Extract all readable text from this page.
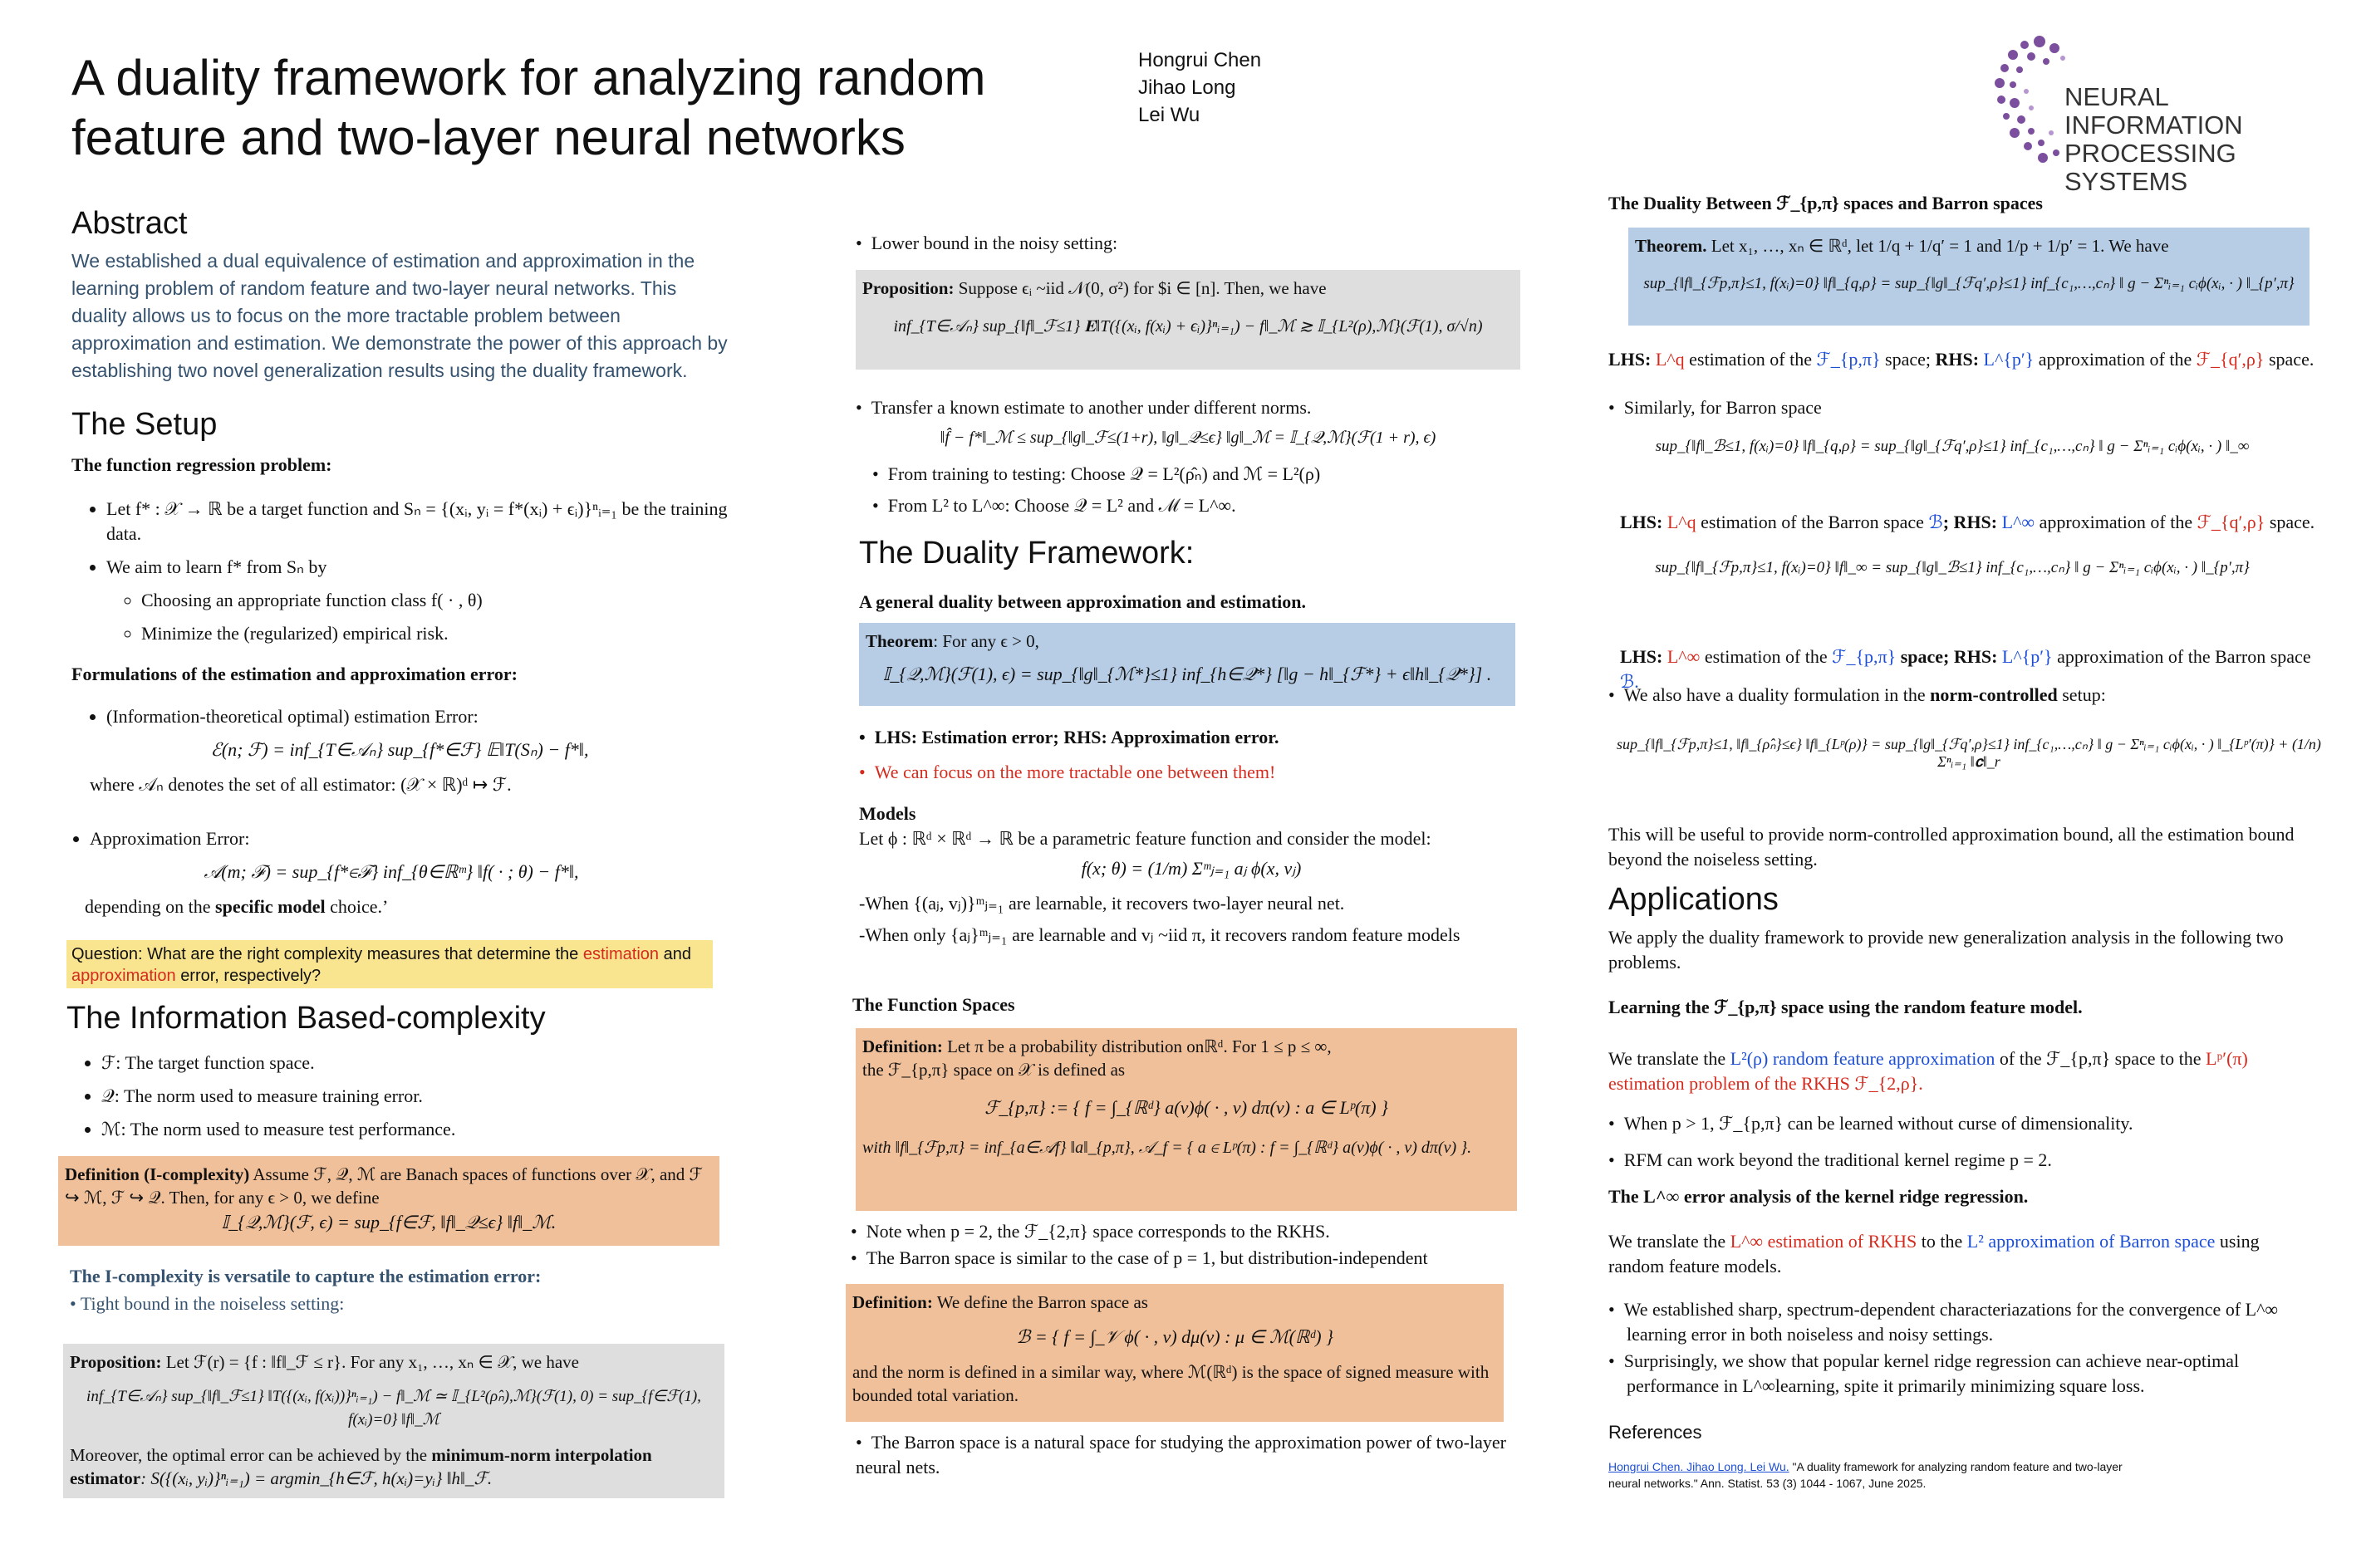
A duality framework for analyzing random feature and two-layer neural networks
Hongrui Chen
Jihao Long
Lei Wu
NEURAL INFORMATION
PROCESSING SYSTEMS
Abstract
We established a dual equivalence of estimation and approximation in the learning problem of random feature and two-layer neural networks. This duality allows us to focus on the more tractable problem between approximation and estimation. We demonstrate the power of this approach by establishing two novel generalization results using the duality framework.
The Setup
The function regression problem:
• Let f* : 𝒳 → ℝ be a target function and Sₙ = {(xᵢ, yᵢ = f*(xᵢ) + ϵᵢ)}ⁿᵢ₌₁ be the training data.
• We aim to learn f* from Sₙ by
◦ Choosing an appropriate function class f( · , θ)
◦ Minimize the (regularized) empirical risk.
Formulations of the estimation and approximation error:
• (Information-theoretical optimal) estimation Error:
ℰ(n; ℱ) = inf_{T∈𝒜ₙ} sup_{f*∈ℱ} 𝔼‖T(Sₙ) − f*‖,
where 𝒜ₙ denotes the set of all estimator: (𝒳 × ℝ)ᵈ ↦ ℱ.
• Approximation Error:
𝒜(m; ℱ) = sup_{f*∈ℱ} inf_{θ∈ℝᵐ} ‖f( · ; θ) − f*‖,
depending on the specific model choice.’
Question: What are the right complexity measures that determine the estimation and approximation error, respectively?
The Information Based-complexity
• ℱ: The target function space.
• 𝒬: The norm used to measure training error.
• ℳ: The norm used to measure test performance.
Definition (I-complexity) Assume ℱ, 𝒬, ℳ are Banach spaces of functions over 𝒳, and ℱ ↪ ℳ, ℱ ↪ 𝒬. Then, for any ϵ > 0, we define
𝕀_{𝒬,ℳ}(ℱ, ϵ) = sup_{f∈ℱ, ‖f‖_𝒬≤ϵ} ‖f‖_ℳ.
The I-complexity is versatile to capture the estimation error:
• Tight bound in the noiseless setting:
Proposition: Let ℱ(r) = {f : ‖f‖_ℱ ≤ r}. For any x₁, …, xₙ ∈ 𝒳, we have
inf_{T∈𝒜ₙ} sup_{‖f‖_ℱ≤1} ‖T({(xᵢ, f(xᵢ))}ⁿᵢ₌₁) − f‖_ℳ ≃ 𝕀_{L²(ρ̂ₙ),ℳ}(ℱ(1), 0) = sup_{f∈ℱ(1), f(xᵢ)=0} ‖f‖_ℳ
Moreover, the optimal error can be achieved by the minimum-norm interpolation estimator: S({(xᵢ, yᵢ)}ⁿᵢ₌₁) = argmin_{h∈ℱ, h(xᵢ)=yᵢ} ‖h‖_ℱ.
•  Lower bound in the noisy setting:
Proposition: Suppose ϵᵢ ~iid 𝒩(0, σ²) for $i ∈ [n]. Then, we have
inf_{T∈𝒜ₙ} sup_{‖f‖_ℱ≤1} 𝐄‖T({(xᵢ, f(xᵢ) + ϵᵢ)}ⁿᵢ₌₁) − f‖_ℳ ≳ 𝕀_{L²(ρ),ℳ}(ℱ(1), σ/√n)
•  Transfer a known estimate to another under different norms.
‖f̂ − f*‖_ℳ ≤ sup_{‖g‖_ℱ≤(1+r), ‖g‖_𝒬≤ϵ} ‖g‖_ℳ = 𝕀_{𝒬,ℳ}(ℱ(1 + r), ϵ)
•  From training to testing: Choose 𝒬 = L²(ρ̂ₙ) and ℳ = L²(ρ)
•  From L² to L^∞: Choose 𝒬 = L² and ℳ = L^∞.
The Duality Framework:
A general duality between approximation and estimation.
Theorem: For any ϵ > 0,
𝕀_{𝒬,ℳ}(ℱ(1), ϵ) = sup_{‖g‖_{ℳ*}≤1} inf_{h∈𝒬*} [‖g − h‖_{ℱ*} + ϵ‖h‖_{𝒬*}] .
•  LHS: Estimation error; RHS: Approximation error.
•  We can focus on the more tractable one between them!
Models
Let ϕ : ℝᵈ × ℝᵈ → ℝ be a parametric feature function and consider the model:
f(x; θ) = (1/m) Σᵐⱼ₌₁ aⱼ ϕ(x, vⱼ)
-When {(aⱼ, vⱼ)}ᵐⱼ₌₁ are learnable, it recovers two-layer neural net.
-When only {aⱼ}ᵐⱼ₌₁ are learnable and vⱼ ~iid π, it recovers random feature models
The Function Spaces
Definition: Let π be a probability distribution onℝᵈ. For 1 ≤ p ≤ ∞,
the ℱ_{p,π} space on 𝒳 is defined as
ℱ_{p,π} := { f = ∫_{ℝᵈ} a(v)ϕ( · , v) dπ(v) : a ∈ Lᵖ(π) }
with ‖f‖_{ℱp,π} = inf_{a∈𝒜f} ‖a‖_{p,π}, 𝒜_f = { a ∈ Lᵖ(π) : f = ∫_{ℝᵈ} a(v)ϕ( · , v) dπ(v) }.
•  Note when p = 2, the ℱ_{2,π} space corresponds to the RKHS.
•  The Barron space is similar to the case of p = 1, but distribution-independent
Definition: We define the Barron space as
ℬ = { f = ∫_𝒱 ϕ( · , v) dμ(v) : μ ∈ ℳ(ℝᵈ) }
and the norm is defined in a similar way, where ℳ(ℝᵈ) is the space of signed measure with bounded total variation.
•  The Barron space is a natural space for studying the approximation power of two-layer neural nets.
The Duality Between ℱ_{p,π} spaces and Barron spaces
Theorem. Let x₁, …, xₙ ∈ ℝᵈ, let 1/q + 1/q′ = 1 and 1/p + 1/p′ = 1. We have
sup_{‖f‖_{ℱp,π}≤1, f(xᵢ)=0} ‖f‖_{q,ρ} = sup_{‖g‖_{ℱq′,ρ}≤1} inf_{c₁,…,cₙ} ‖ g − Σⁿᵢ₌₁ cᵢϕ(xᵢ, · ) ‖_{p′,π}
LHS: L^q estimation of the ℱ_{p,π} space; RHS: L^{p′} approximation of the ℱ_{q′,ρ} space.
•  Similarly, for Barron space
sup_{‖f‖_ℬ≤1, f(xᵢ)=0} ‖f‖_{q,ρ} = sup_{‖g‖_{ℱq′,ρ}≤1} inf_{c₁,…,cₙ} ‖ g − Σⁿᵢ₌₁ cᵢϕ(xᵢ, · ) ‖_∞
LHS: L^q estimation of the Barron space ℬ; RHS: L^∞ approximation of the ℱ_{q′,ρ} space.
sup_{‖f‖_{ℱp,π}≤1, f(xᵢ)=0} ‖f‖_∞ = sup_{‖g‖_ℬ≤1} inf_{c₁,…,cₙ} ‖ g − Σⁿᵢ₌₁ cᵢϕ(xᵢ, · ) ‖_{p′,π}
LHS: L^∞ estimation of the ℱ_{p,π} space; RHS: L^{p′} approximation of the Barron space ℬ.
•  We also have a duality formulation in the norm-controlled setup:
sup_{‖f‖_{ℱp,π}≤1, ‖f‖_{ρ̂ₙ}≤ϵ} ‖f‖_{Lᵖ(ρ)} = sup_{‖g‖_{ℱq′,ρ}≤1} inf_{c₁,…,cₙ} ‖ g − Σⁿᵢ₌₁ cᵢϕ(xᵢ, · ) ‖_{Lᵖ′(π)} + (1/n) Σⁿᵢ₌₁ ‖𝐜‖_r
This will be useful to provide norm-controlled approximation bound, all the estimation bound beyond the noiseless setting.
Applications
We apply the duality framework to provide new generalization analysis in the following two problems.
Learning the ℱ_{p,π} space using the random feature model.
We translate the L²(ρ) random feature approximation of the ℱ_{p,π} space to the Lᵖ′(π) estimation problem of the RKHS ℱ_{2,ρ}.
•  When p > 1, ℱ_{p,π} can be learned without curse of dimensionality.
•  RFM can work beyond the traditional kernel regime p = 2.
The L^∞ error analysis of the kernel ridge regression.
We translate the L^∞ estimation of RKHS to the L² approximation of Barron space using random feature models.
•  We established sharp, spectrum-dependent characteriazations for the convergence of L^∞ learning error in both noiseless and noisy settings.
•  Surprisingly, we show that popular kernel ridge regression can achieve near-optimal performance in L^∞learning, spite it primarily minimizing square loss.
References
Hongrui Chen. Jihao Long. Lei Wu. "A duality framework for analyzing random feature and two-layer neural networks." Ann. Statist. 53 (3) 1044 - 1067, June 2025.
